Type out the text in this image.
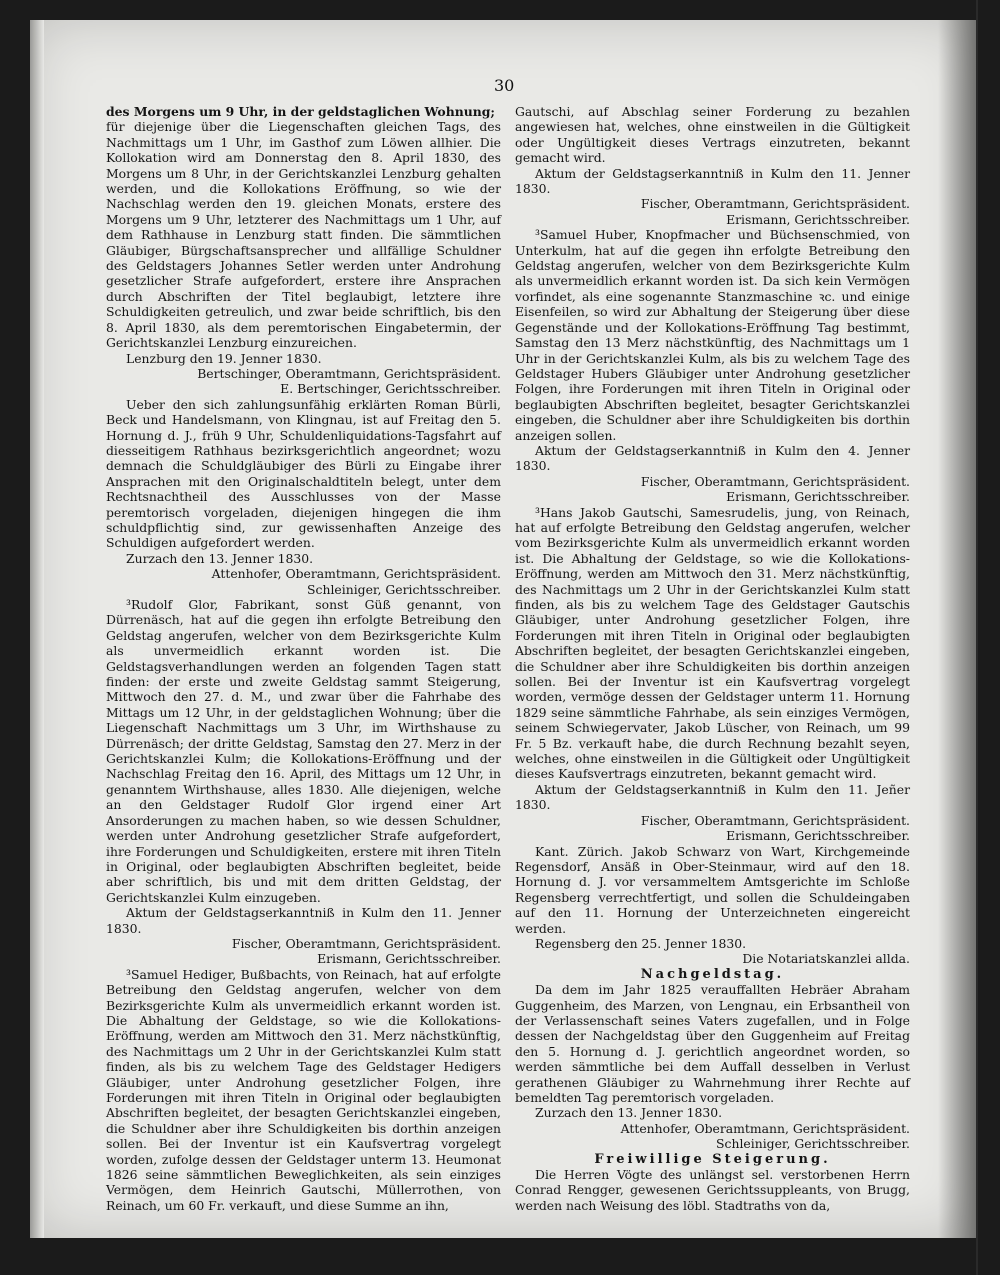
30

des Morgens um 9 Uhr, in der geldstaglichen Wohnung;

für diejenige über die Liegenschaften gleichen Tags, des Nachmittags um 1 Uhr, im Gasthof zum Löwen allhier. Die Kollokation wird am Donnerstag den 8. April 1830, des Morgens um 8 Uhr, in der Gerichtskanzlei Lenzburg gehalten werden, und die Kollokations Eröffnung, so wie der Nachschlag werden den 19. gleichen Monats, erstere des Morgens um 9 Uhr, letzterer des Nachmittags um 1 Uhr, auf dem Rathhause in Lenzburg statt finden. Die sämmtlichen Gläubiger, Bürgschaftsansprecher und allfällige Schuldner des Geldstagers Johannes Setler werden unter Androhung gesetzlicher Strafe aufgefordert, erstere ihre Ansprachen durch Abschriften der Titel beglaubigt, letztere ihre Schuldigkeiten getreulich, und zwar beide schriftlich, bis den 8. April 1830, als dem peremtorischen Eingabetermin, der Gerichtskanzlei Lenzburg einzureichen.

Lenzburg den 19. Jenner 1830.

Bertschinger, Oberamtmann, Gerichtspräsident.

E. Bertschinger, Gerichtsschreiber.

Ueber den sich zahlungsunfähig erklärten Roman Bürli, Beck und Handelsmann, von Klingnau, ist auf Freitag den 5. Hornung d. J., früh 9 Uhr, Schuldenliquidations-Tagsfahrt auf diesseitigem Rathhaus bezirksgerichtlich angeordnet; wozu demnach die Schuldgläubiger des Bürli zu Eingabe ihrer Ansprachen mit den Originalschaldtiteln belegt, unter dem Rechtsnachtheil des Ausschlusses von der Masse peremtorisch vorgeladen, diejenigen hingegen die ihm schuldpflichtig sind, zur gewissenhaften Anzeige des Schuldigen aufgefordert werden.

Zurzach den 13. Jenner 1830.

Attenhofer, Oberamtmann, Gerichtspräsident.

Schleiniger, Gerichtsschreiber.

³Rudolf Glor, Fabrikant, sonst Güß genannt, von Dürrenäsch, hat auf die gegen ihn erfolgte Betreibung den Geldstag angerufen, welcher von dem Bezirksgerichte Kulm als unvermeidlich erkannt worden ist. Die Geldstagsverhandlungen werden an folgenden Tagen statt finden: der erste und zweite Geldstag sammt Steigerung, Mittwoch den 27. d. M., und zwar über die Fahrhabe des Mittags um 12 Uhr, in der geldstaglichen Wohnung; über die Liegenschaft Nachmittags um 3 Uhr, im Wirthshause zu Dürrenäsch; der dritte Geldstag, Samstag den 27. Merz in der Gerichtskanzlei Kulm; die Kollokations-Eröffnung und der Nachschlag Freitag den 16. April, des Mittags um 12 Uhr, in genanntem Wirthshause, alles 1830. Alle diejenigen, welche an den Geldstager Rudolf Glor irgend einer Art Ansorderungen zu machen haben, so wie dessen Schuldner, werden unter Androhung gesetzlicher Strafe aufgefordert, ihre Forderungen und Schuldigkeiten, erstere mit ihren Titeln in Original, oder beglaubigten Abschriften begleitet, beide aber schriftlich, bis und mit dem dritten Geldstag, der Gerichtskanzlei Kulm einzugeben.

Aktum der Geldstagserkanntniß in Kulm den 11. Jenner 1830.

Fischer, Oberamtmann, Gerichtspräsident.

Erismann, Gerichtsschreiber.

³Samuel Hediger, Bußbachts, von Reinach, hat auf erfolgte Betreibung den Geldstag angerufen, welcher von dem Bezirksgerichte Kulm als unvermeidlich erkannt worden ist. Die Abhaltung der Geldstage, so wie die Kollokations-Eröffnung, werden am Mittwoch den 31. Merz nächstkünftig, des Nachmittags um 2 Uhr in der Gerichtskanzlei Kulm statt finden, als bis zu welchem Tage des Geldstager Hedigers Gläubiger, unter Androhung gesetzlicher Folgen, ihre Forderungen mit ihren Titeln in Original oder beglaubigten Abschriften begleitet, der besagten Gerichtskanzlei eingeben, die Schuldner aber ihre Schuldigkeiten bis dorthin anzeigen sollen. Bei der Inventur ist ein Kaufsvertrag vorgelegt worden, zufolge dessen der Geldstager unterm 13. Heumonat 1826 seine sämmtlichen Beweglichkeiten, als sein einziges Vermögen, dem Heinrich Gautschi, Müllerrothen, von Reinach, um 60 Fr. verkauft, und diese Summe an ihn,

Gautschi, auf Abschlag seiner Forderung zu bezahlen angewiesen hat, welches, ohne einstweilen in die Gültigkeit oder Ungültigkeit dieses Vertrags einzutreten, bekannt gemacht wird.

Aktum der Geldstagserkanntniß in Kulm den 11. Jenner 1830.

Fischer, Oberamtmann, Gerichtspräsident.

Erismann, Gerichtsschreiber.

³Samuel Huber, Knopfmacher und Büchsenschmied, von Unterkulm, hat auf die gegen ihn erfolgte Betreibung den Geldstag angerufen, welcher von dem Bezirksgerichte Kulm als unvermeidlich erkannt worden ist. Da sich kein Vermögen vorfindet, als eine sogenannte Stanzmaschine ꝛc. und einige Eisenfeilen, so wird zur Abhaltung der Steigerung über diese Gegenstände und der Kollokations-Eröffnung Tag bestimmt, Samstag den 13 Merz nächstkünftig, des Nachmittags um 1 Uhr in der Gerichtskanzlei Kulm, als bis zu welchem Tage des Geldstager Hubers Gläubiger unter Androhung gesetzlicher Folgen, ihre Forderungen mit ihren Titeln in Original oder beglaubigten Abschriften begleitet, besagter Gerichtskanzlei eingeben, die Schuldner aber ihre Schuldigkeiten bis dorthin anzeigen sollen.

Aktum der Geldstagserkanntniß in Kulm den 4. Jenner 1830.

Fischer, Oberamtmann, Gerichtspräsident.

Erismann, Gerichtsschreiber.

³Hans Jakob Gautschi, Samesrudelis, jung, von Reinach, hat auf erfolgte Betreibung den Geldstag angerufen, welcher vom Bezirksgerichte Kulm als unvermeidlich erkannt worden ist. Die Abhaltung der Geldstage, so wie die Kollokations-Eröffnung, werden am Mittwoch den 31. Merz nächstkünftig, des Nachmittags um 2 Uhr in der Gerichtskanzlei Kulm statt finden, als bis zu welchem Tage des Geldstager Gautschis Gläubiger, unter Androhung gesetzlicher Folgen, ihre Forderungen mit ihren Titeln in Original oder beglaubigten Abschriften begleitet, der besagten Gerichtskanzlei eingeben, die Schuldner aber ihre Schuldigkeiten bis dorthin anzeigen sollen. Bei der Inventur ist ein Kaufsvertrag vorgelegt worden, vermöge dessen der Geldstager unterm 11. Hornung 1829 seine sämmtliche Fahrhabe, als sein einziges Vermögen, seinem Schwiegervater, Jakob Lüscher, von Reinach, um 99 Fr. 5 Bz. verkauft habe, die durch Rechnung bezahlt seyen, welches, ohne einstweilen in die Gültigkeit oder Ungültigkeit dieses Kaufsvertrags einzutreten, bekannt gemacht wird.

Aktum der Geldstagserkanntniß in Kulm den 11. Jeñer 1830.

Fischer, Oberamtmann, Gerichtspräsident.

Erismann, Gerichtsschreiber.

Kant. Zürich. Jakob Schwarz von Wart, Kirchgemeinde Regensdorf, Ansäß in Ober-Steinmaur, wird auf den 18. Hornung d. J. vor versammeltem Amtsgerichte im Schloße Regensberg verrechtfertigt, und sollen die Schuldeingaben auf den 11. Hornung der Unterzeichneten eingereicht werden.

Regensberg den 25. Jenner 1830.

Die Notariatskanzlei allda.

Nachgeldstag.

Da dem im Jahr 1825 verauffallten Hebräer Abraham Guggenheim, des Marzen, von Lengnau, ein Erbsantheil von der Verlassenschaft seines Vaters zugefallen, und in Folge dessen der Nachgeldstag über den Guggenheim auf Freitag den 5. Hornung d. J. gerichtlich angeordnet worden, so werden sämmtliche bei dem Auffall desselben in Verlust gerathenen Gläubiger zu Wahrnehmung ihrer Rechte auf bemeldten Tag peremtorisch vorgeladen.

Zurzach den 13. Jenner 1830.

Attenhofer, Oberamtmann, Gerichtspräsident.

Schleiniger, Gerichtsschreiber.

Freiwillige Steigerung.

Die Herren Vögte des unlängst sel. verstorbenen Herrn Conrad Rengger, gewesenen Gerichtssuppleants, von Brugg, werden nach Weisung des löbl. Stadtraths von da,
